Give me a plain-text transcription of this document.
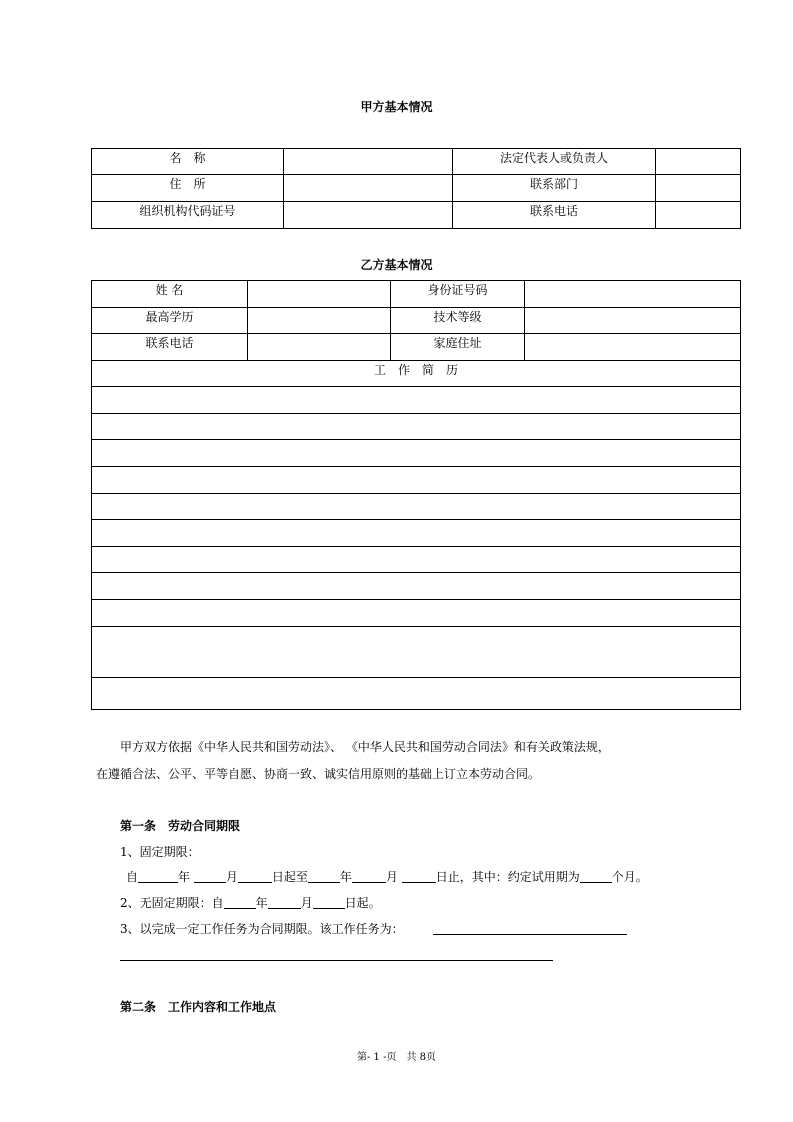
甲方基本情况
名　称		法定代表人或负责人	
住　所		联系部门	
组织机构代码证号		联系电话	
乙方基本情况
姓 名		身份证号码	
最高学历		技术等级	
联系电话		家庭住址	
工　作　简　历			

甲方双方依据《中华人民共和国劳动法》、 《中华人民共和国劳动合同法》和有关政策法规，
在遵循合法、公平、平等自愿、协商一致、诚实信用原则的基础上订立本劳动合同。
第一条　劳动合同期限
1、固定期限：
自	年	月	日起至	年	月	日止，其中：约定试用期为	个月。
2、无固定期限：自	年	月	日起。
3、以完成一定工作任务为合同期限。该工作任务为：
第二条　工作内容和工作地点
第- 1 -页　共 8页
